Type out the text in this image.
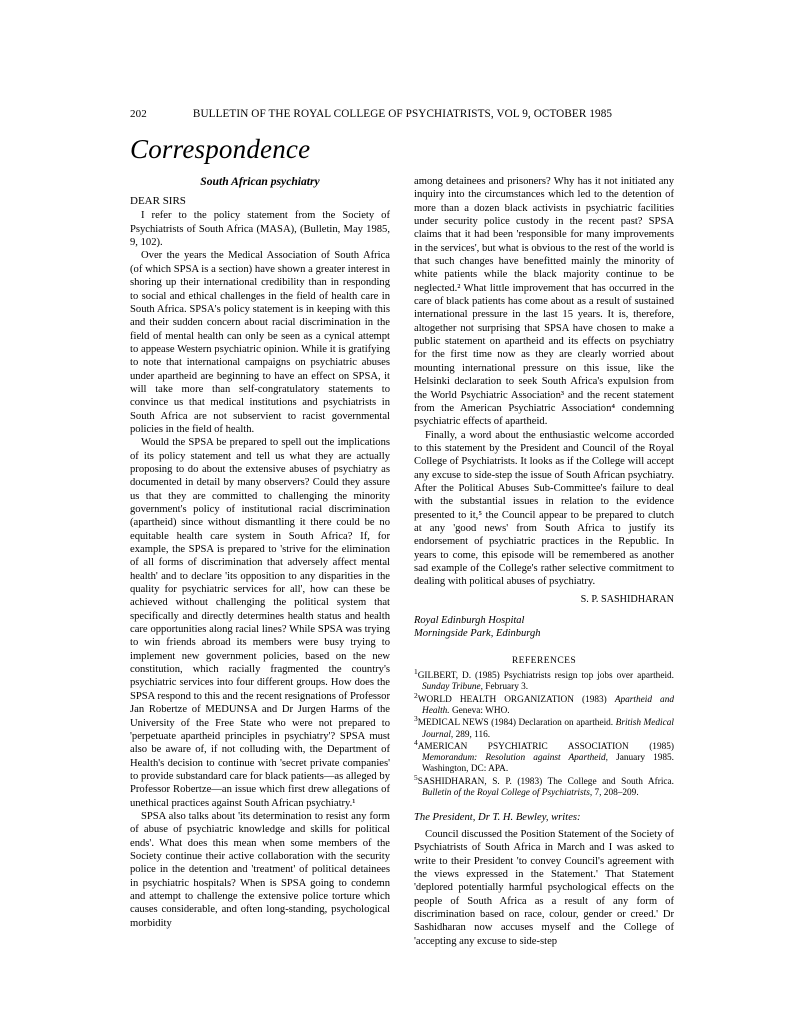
202	BULLETIN OF THE ROYAL COLLEGE OF PSYCHIATRISTS, VOL 9, OCTOBER 1985
Correspondence
South African psychiatry
DEAR SIRS

I refer to the policy statement from the Society of Psychiatrists of South Africa (MASA), (Bulletin, May 1985, 9, 102).

Over the years the Medical Association of South Africa (of which SPSA is a section) have shown a greater interest in shoring up their international credibility than in responding to social and ethical challenges in the field of health care in South Africa. SPSA's policy statement is in keeping with this and their sudden concern about racial discrimination in the field of mental health can only be seen as a cynical attempt to appease Western psychiatric opinion. While it is gratifying to note that international campaigns on psychiatric abuses under apartheid are beginning to have an effect on SPSA, it will take more than self-congratulatory statements to convince us that medical institutions and psychiatrists in South Africa are not subservient to racist governmental policies in the field of health.

Would the SPSA be prepared to spell out the implications of its policy statement and tell us what they are actually proposing to do about the extensive abuses of psychiatry as documented in detail by many observers? Could they assure us that they are committed to challenging the minority government's policy of institutional racial discrimination (apartheid) since without dismantling it there could be no equitable health care system in South Africa? If, for example, the SPSA is prepared to 'strive for the elimination of all forms of discrimination that adversely affect mental health' and to declare 'its opposition to any disparities in the quality for psychiatric services for all', how can these be achieved without challenging the political system that specifically and directly determines health status and health care opportunities along racial lines? While SPSA was trying to win friends abroad its members were busy trying to implement new government policies, based on the new constitution, which racially fragmented the country's psychiatric services into four different groups. How does the SPSA respond to this and the recent resignations of Professor Jan Robertze of MEDUNSA and Dr Jurgen Harms of the University of the Free State who were not prepared to 'perpetuate apartheid principles in psychiatry'? SPSA must also be aware of, if not colluding with, the Department of Health's decision to continue with 'secret private companies' to provide substandard care for black patients—as alleged by Professor Robertze—an issue which first drew allegations of unethical practices against South African psychiatry.¹

SPSA also talks about 'its determination to resist any form of abuse of psychiatric knowledge and skills for political ends'. What does this mean when some members of the Society continue their active collaboration with the security police in the detention and 'treatment' of political detainees in psychiatric hospitals? When is SPSA going to condemn and attempt to challenge the extensive police torture which causes considerable, and often long-standing, psychological morbidity

among detainees and prisoners? Why has it not initiated any inquiry into the circumstances which led to the detention of more than a dozen black activists in psychiatric facilities under security police custody in the recent past? SPSA claims that it had been 'responsible for many improvements in the services', but what is obvious to the rest of the world is that such changes have benefitted mainly the minority of white patients while the black majority continue to be neglected.² What little improvement that has occurred in the care of black patients has come about as a result of sustained international pressure in the last 15 years. It is, therefore, altogether not surprising that SPSA have chosen to make a public statement on apartheid and its effects on psychiatry for the first time now as they are clearly worried about mounting international pressure on this issue, like the Helsinki declaration to seek South Africa's expulsion from the World Psychiatric Association³ and the recent statement from the American Psychiatric Association⁴ condemning psychiatric effects of apartheid.

Finally, a word about the enthusiastic welcome accorded to this statement by the President and Council of the Royal College of Psychiatrists. It looks as if the College will accept any excuse to side-step the issue of South African psychiatry. After the Political Abuses Sub-Committee's failure to deal with the substantial issues in relation to the evidence presented to it,⁵ the Council appear to be prepared to clutch at any 'good news' from South Africa to justify its endorsement of psychiatric practices in the Republic. In years to come, this episode will be remembered as another sad example of the College's rather selective commitment to dealing with political abuses of psychiatry.

S. P. SASHIDHARAN
Royal Edinburgh Hospital
Morningside Park, Edinburgh
REFERENCES
$^1$GILBERT, D. (1985) Psychiatrists resign top jobs over apartheid. Sunday Tribune, February 3.
$^2$WORLD HEALTH ORGANIZATION (1983) Apartheid and Health. Geneva: WHO.
$^3$MEDICAL NEWS (1984) Declaration on apartheid. British Medical Journal, 289, 116.
$^4$AMERICAN PSYCHIATRIC ASSOCIATION (1985) Memorandum: Resolution against Apartheid, January 1985. Washington, DC: APA.
$^5$SASHIDHARAN, S. P. (1983) The College and South Africa. Bulletin of the Royal College of Psychiatrists, 7, 208–209.
The President, Dr T. H. Bewley, writes:

Council discussed the Position Statement of the Society of Psychiatrists of South Africa in March and I was asked to write to their President 'to convey Council's agreement with the views expressed in the Statement.' That Statement 'deplored potentially harmful psychological effects on the people of South Africa as a result of any form of discrimination based on race, colour, gender or creed.' Dr Sashidharan now accuses myself and the College of 'accepting any excuse to side-step
